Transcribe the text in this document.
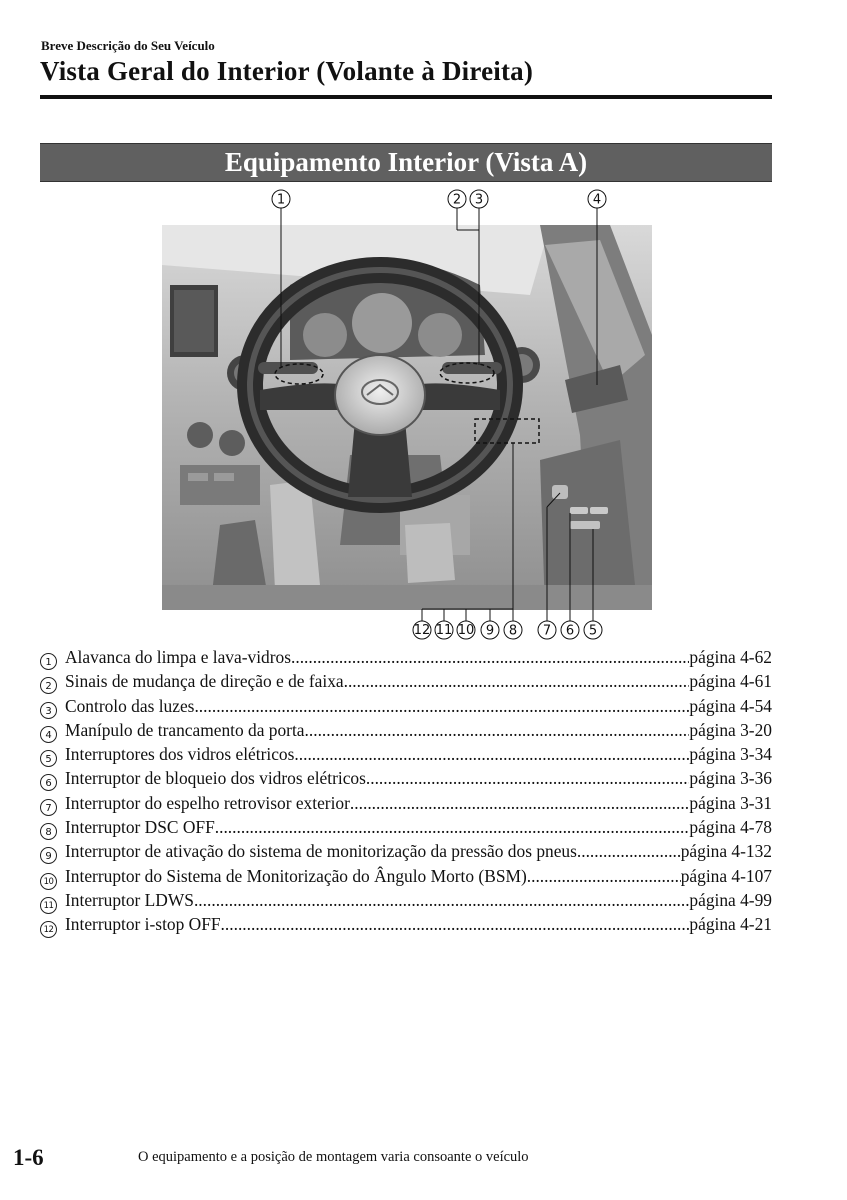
Breve Descrição do Seu Veículo
Vista Geral do Interior (Volante à Direita)
Equipamento Interior (Vista A)
1	2 3	4
12 11 10 9 8 7 6 5
1 Alavanca do limpa e lava-vidros .....	página 4-62
2 Sinais de mudança de direção e de faixa .....	página 4-61
3 Controlo das luzes .....	página 4-54
4 Manípulo de trancamento da porta .....	página 3-20
5 Interruptores dos vidros elétricos .....	página 3-34
6 Interruptor de bloqueio dos vidros elétricos .....	página 3-36
7 Interruptor do espelho retrovisor exterior .....	página 3-31
8 Interruptor DSC OFF .....	página 4-78
9 Interruptor de ativação do sistema de monitorização da pressão dos pneus .....	página 4-132
10 Interruptor do Sistema de Monitorização do Ângulo Morto (BSM) .....	página 4-107
11 Interruptor LDWS .....	página 4-99
12 Interruptor i-stop OFF .....	página 4-21
1-6	O equipamento e a posição de montagem varia consoante o veículo
